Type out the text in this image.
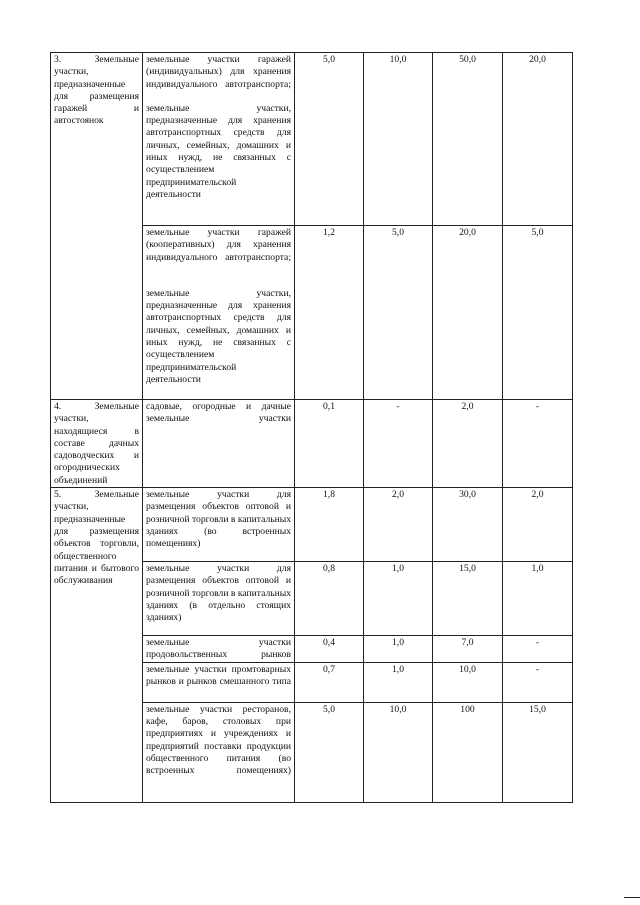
3. Земельные участки, предназначенные для размещения гаражей и автостоянок	земельные участки гаражей (индивидуальных) для хранения индивидуального автотранспорта;
земельные участки, предназначенные для хранения автотранспортных средств для личных, семейных, домашних и иных нужд, не связанных с осуществлением предпринимательской деятельности	5,0	10,0	50,0	20,0

	земельные участки гаражей (кооперативных) для хранения индивидуального автотранспорта;
земельные участки, предназначенные для хранения автотранспортных средств для личных, семейных, домашних и иных нужд, не связанных с осуществлением предпринимательской деятельности	1,2	5,0	20,0	5,0

4. Земельные участки, находящиеся в составе дачных садоводческих и огороднических объединений	садовые, огородные и дачные земельные участки	0,1	-	2,0	-

5. Земельные участки, предназначенные для размещения объектов торговли, общественного питания и бытового обслуживания	земельные участки для размещения объектов оптовой и розничной торговли в капитальных зданиях (во встроенных помещениях)	1,8	2,0	30,0	2,0

	земельные участки для размещения объектов оптовой и розничной торговли в капитальных зданиях (в отдельно стоящих зданиях)	0,8	1,0	15,0	1,0

	земельные участки продовольственных рынков	0,4	1,0	7,0	-

	земельные участки промтоварных рынков и рынков смешанного типа	0,7	1,0	10,0	-

	земельные участки ресторанов, кафе, баров, столовых при предприятиях и учреждениях и предприятий поставки продукции общественного питания (во встроенных помещениях)	5,0	10,0	100	15,0
